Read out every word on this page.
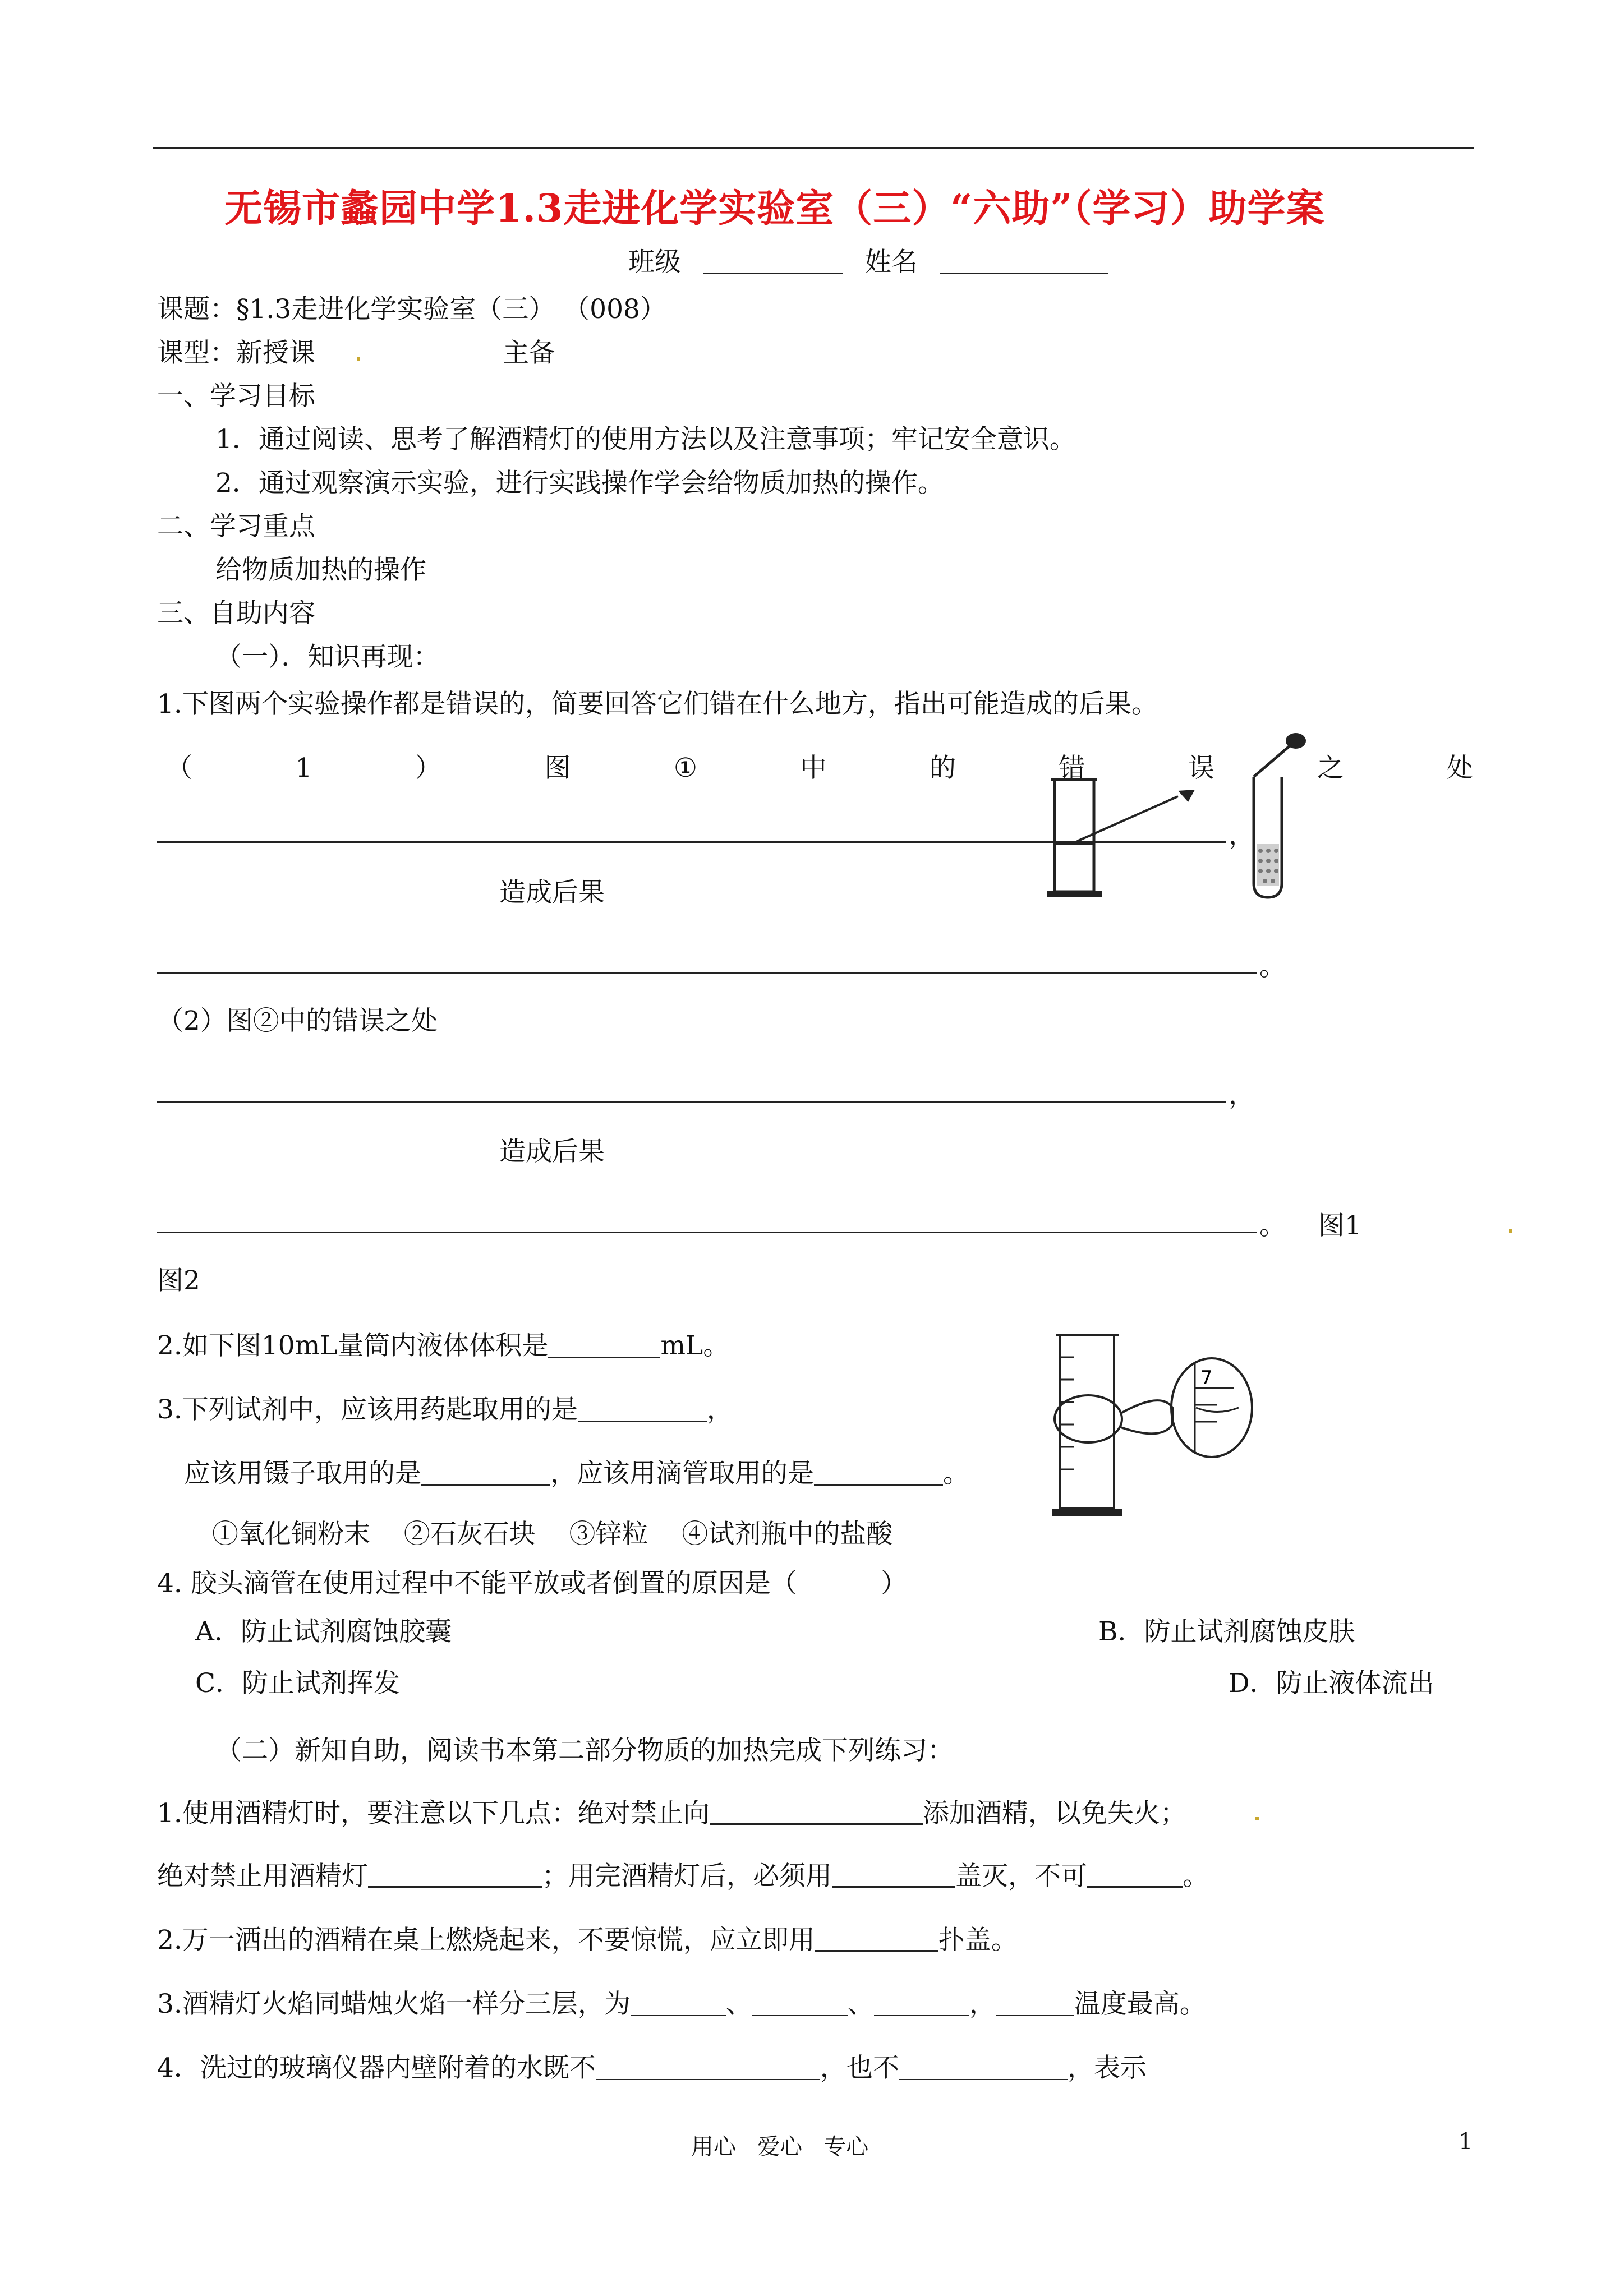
无锡市蠡园中学1.3走进化学实验室（三）“六助”（学习）助学案
班级	姓名
课题：§1.3走进化学实验室（三） （008）
课型：新授课	主备
一、学习目标
1．通过阅读、思考了解酒精灯的使用方法以及注意事项；牢记安全意识。
2．通过观察演示实验，进行实践操作学会给物质加热的操作。
二、学习重点
给物质加热的操作
三、自助内容
（一）．知识再现：
1.下图两个实验操作都是错误的，简要回答它们错在什么地方，指出可能造成的后果。
（	1	）	图	①	中	的	错	误	之	处
，
造成后果
。
（2）图②中的错误之处
，
造成后果
。 图1
图2
2.如下图10mL量筒内液体体积是	mL。
7
3.下列试剂中，应该用药匙取用的是	，
应该用镊子取用的是	，应该用滴管取用的是	。
①氧化铜粉末    ②石灰石块    ③锌粒    ④试剂瓶中的盐酸
4. 胶头滴管在使用过程中不能平放或者倒置的原因是（          ）
A．防止试剂腐蚀胶囊	B．防止试剂腐蚀皮肤
C．防止试剂挥发	D．防止液体流出
（二）新知自助，阅读书本第二部分物质的加热完成下列练习：
1.使用酒精灯时，要注意以下几点：绝对禁止向	添加酒精，以免失火；
绝对禁止用酒精灯	；用完酒精灯后，必须用	盖灭，不可	。
2.万一洒出的酒精在桌上燃烧起来，不要惊慌，应立即用	扑盖。
3.酒精灯火焰同蜡烛火焰一样分三层，为	、	、	，	温度最高。
4．洗过的玻璃仪器内壁附着的水既不	，也不	，表示
用心   爱心   专心	1
